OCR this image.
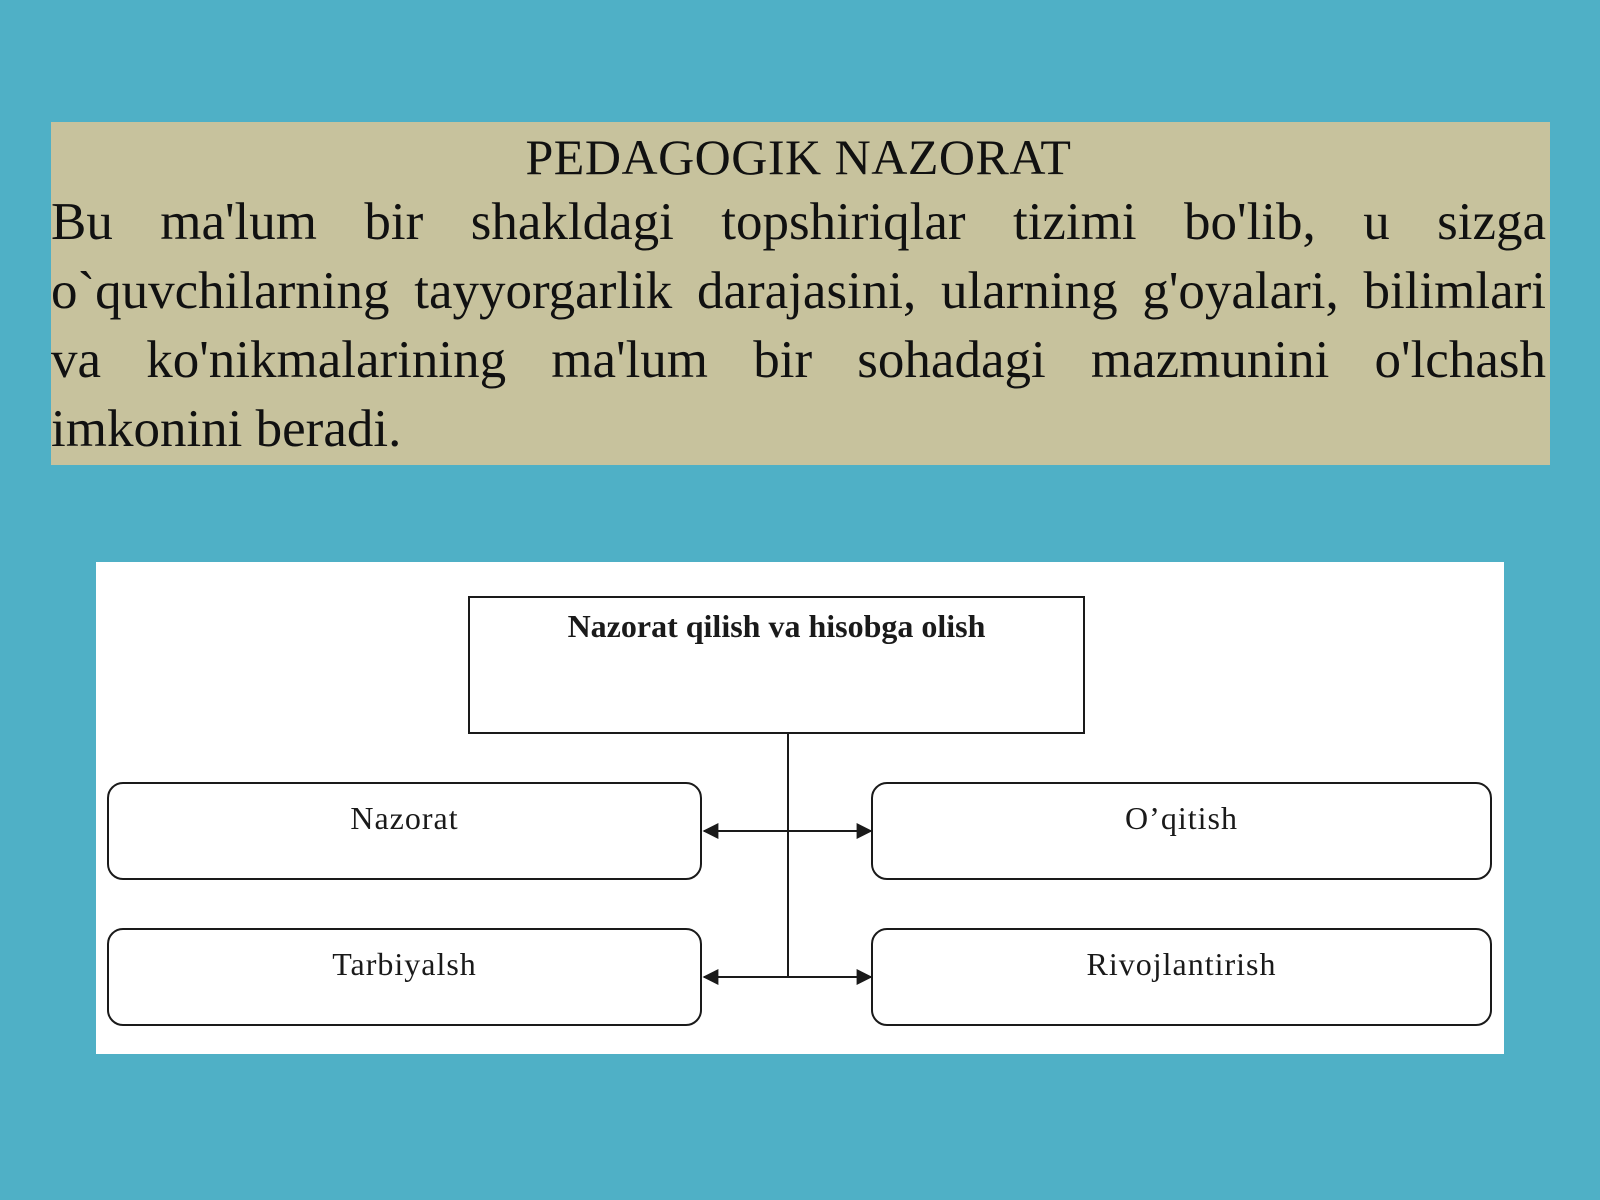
PEDAGOGIK NAZORAT

Bu ma'lum bir shakldagi topshiriqlar tizimi bo'lib, u sizga o`quvchilarning tayyorgarlik darajasini, ularning g'oyalari, bilimlari va ko'nikmalarining ma'lum bir sohadagi mazmunini o'lchash imkonini beradi.

Nazorat qilish va hisobga olish
Nazorat	O’qitish
Tarbiyalsh	Rivojlantirish
